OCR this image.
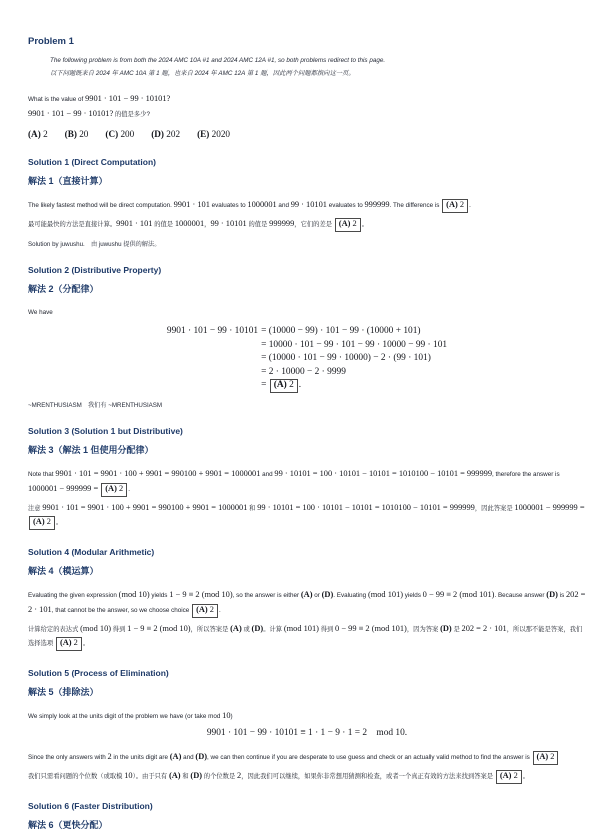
Problem 1
The following problem is from both the 2024 AMC 10A #1 and 2024 AMC 12A #1, so both problems redirect to this page.
以下问题既来自 2024 年 AMC 10A 第 1 题，也来自 2024 年 AMC 12A 第 1 题，因此两个问题都指向这一页。
What is the value of 9901 · 101 − 99 · 10101?
9901 · 101 − 99 · 10101? 的值是多少?
(A) 2 (B) 20 (C) 200 (D) 202 (E) 2020
Solution 1 (Direct Computation)
解法 1（直接计算）
The likely fastest method will be direct computation. 9901 · 101 evaluates to 1000001 and 99 · 10101 evaluates to 999999. The difference is (A) 2 .
最可能最快的方法是直接计算。9901 · 101 的值是 1000001，99 · 10101 的值是 999999，它们的差是 (A) 2 。
Solution by juwushu.　由 juwushu 提供的解法。
Solution 2 (Distributive Property)
解法 2（分配律）
We have
9901 · 101 − 99 · 10101	= (10000 − 99) · 101 − 99 · (10000 + 101)
	= 10000 · 101 − 99 · 101 − 99 · 10000 − 99 · 101
	= (10000 · 101 − 99 · 10000) − 2 · (99 · 101)
	= 2 · 10000 − 2 · 9999
	= (A) 2 .
~MRENTHUSIASM　我们有 ~MRENTHUSIASM
Solution 3 (Solution 1 but Distributive)
解法 3（解法 1 但使用分配律）
Note that 9901 · 101 = 9901 · 100 + 9901 = 990100 + 9901 = 1000001 and 99 · 10101 = 100 · 10101 − 10101 = 1010100 − 10101 = 999999, therefore the answer is 1000001 − 999999 = (A) 2 .
注意 9901 · 101 = 9901 · 100 + 9901 = 990100 + 9901 = 1000001 和 99 · 10101 = 100 · 10101 − 10101 = 1010100 − 10101 = 999999，因此答案是 1000001 − 999999 = (A) 2 。
Solution 4 (Modular Arithmetic)
解法 4（模运算）
Evaluating the given expression (mod 10) yields 1 − 9 ≡ 2 (mod 10), so the answer is either (A) or (D). Evaluating (mod 101) yields 0 − 99 ≡ 2 (mod 101). Because answer (D) is 202 = 2 · 101, that cannot be the answer, so we choose choice (A) 2 .
计算给定的表达式 (mod 10) 得到 1 − 9 ≡ 2 (mod 10)，所以答案是 (A) 或 (D)。计算 (mod 101) 得到 0 − 99 ≡ 2 (mod 101)，因为答案 (D) 是 202 = 2 · 101，所以那不能是答案，我们选择选项 (A) 2 。
Solution 5 (Process of Elimination)
解法 5（排除法）
We simply look at the units digit of the problem we have (or take mod 10)
9901 · 101 − 99 · 10101 ≡ 1 · 1 − 9 · 1 = 2　mod 10.
Since the only answers with 2 in the units digit are (A) and (D), we can then continue if you are desperate to use guess and check or an actually valid method to find the answer is (A) 2
我们只需看问题的个位数（或取模 10）。由于只有 (A) 和 (D) 的个位数是 2，因此我们可以继续，如果你非常想用猜测和检查，或者一个真正有效的方法来找到答案是 (A) 2 。
Solution 6 (Faster Distribution)
解法 6（更快分配）
